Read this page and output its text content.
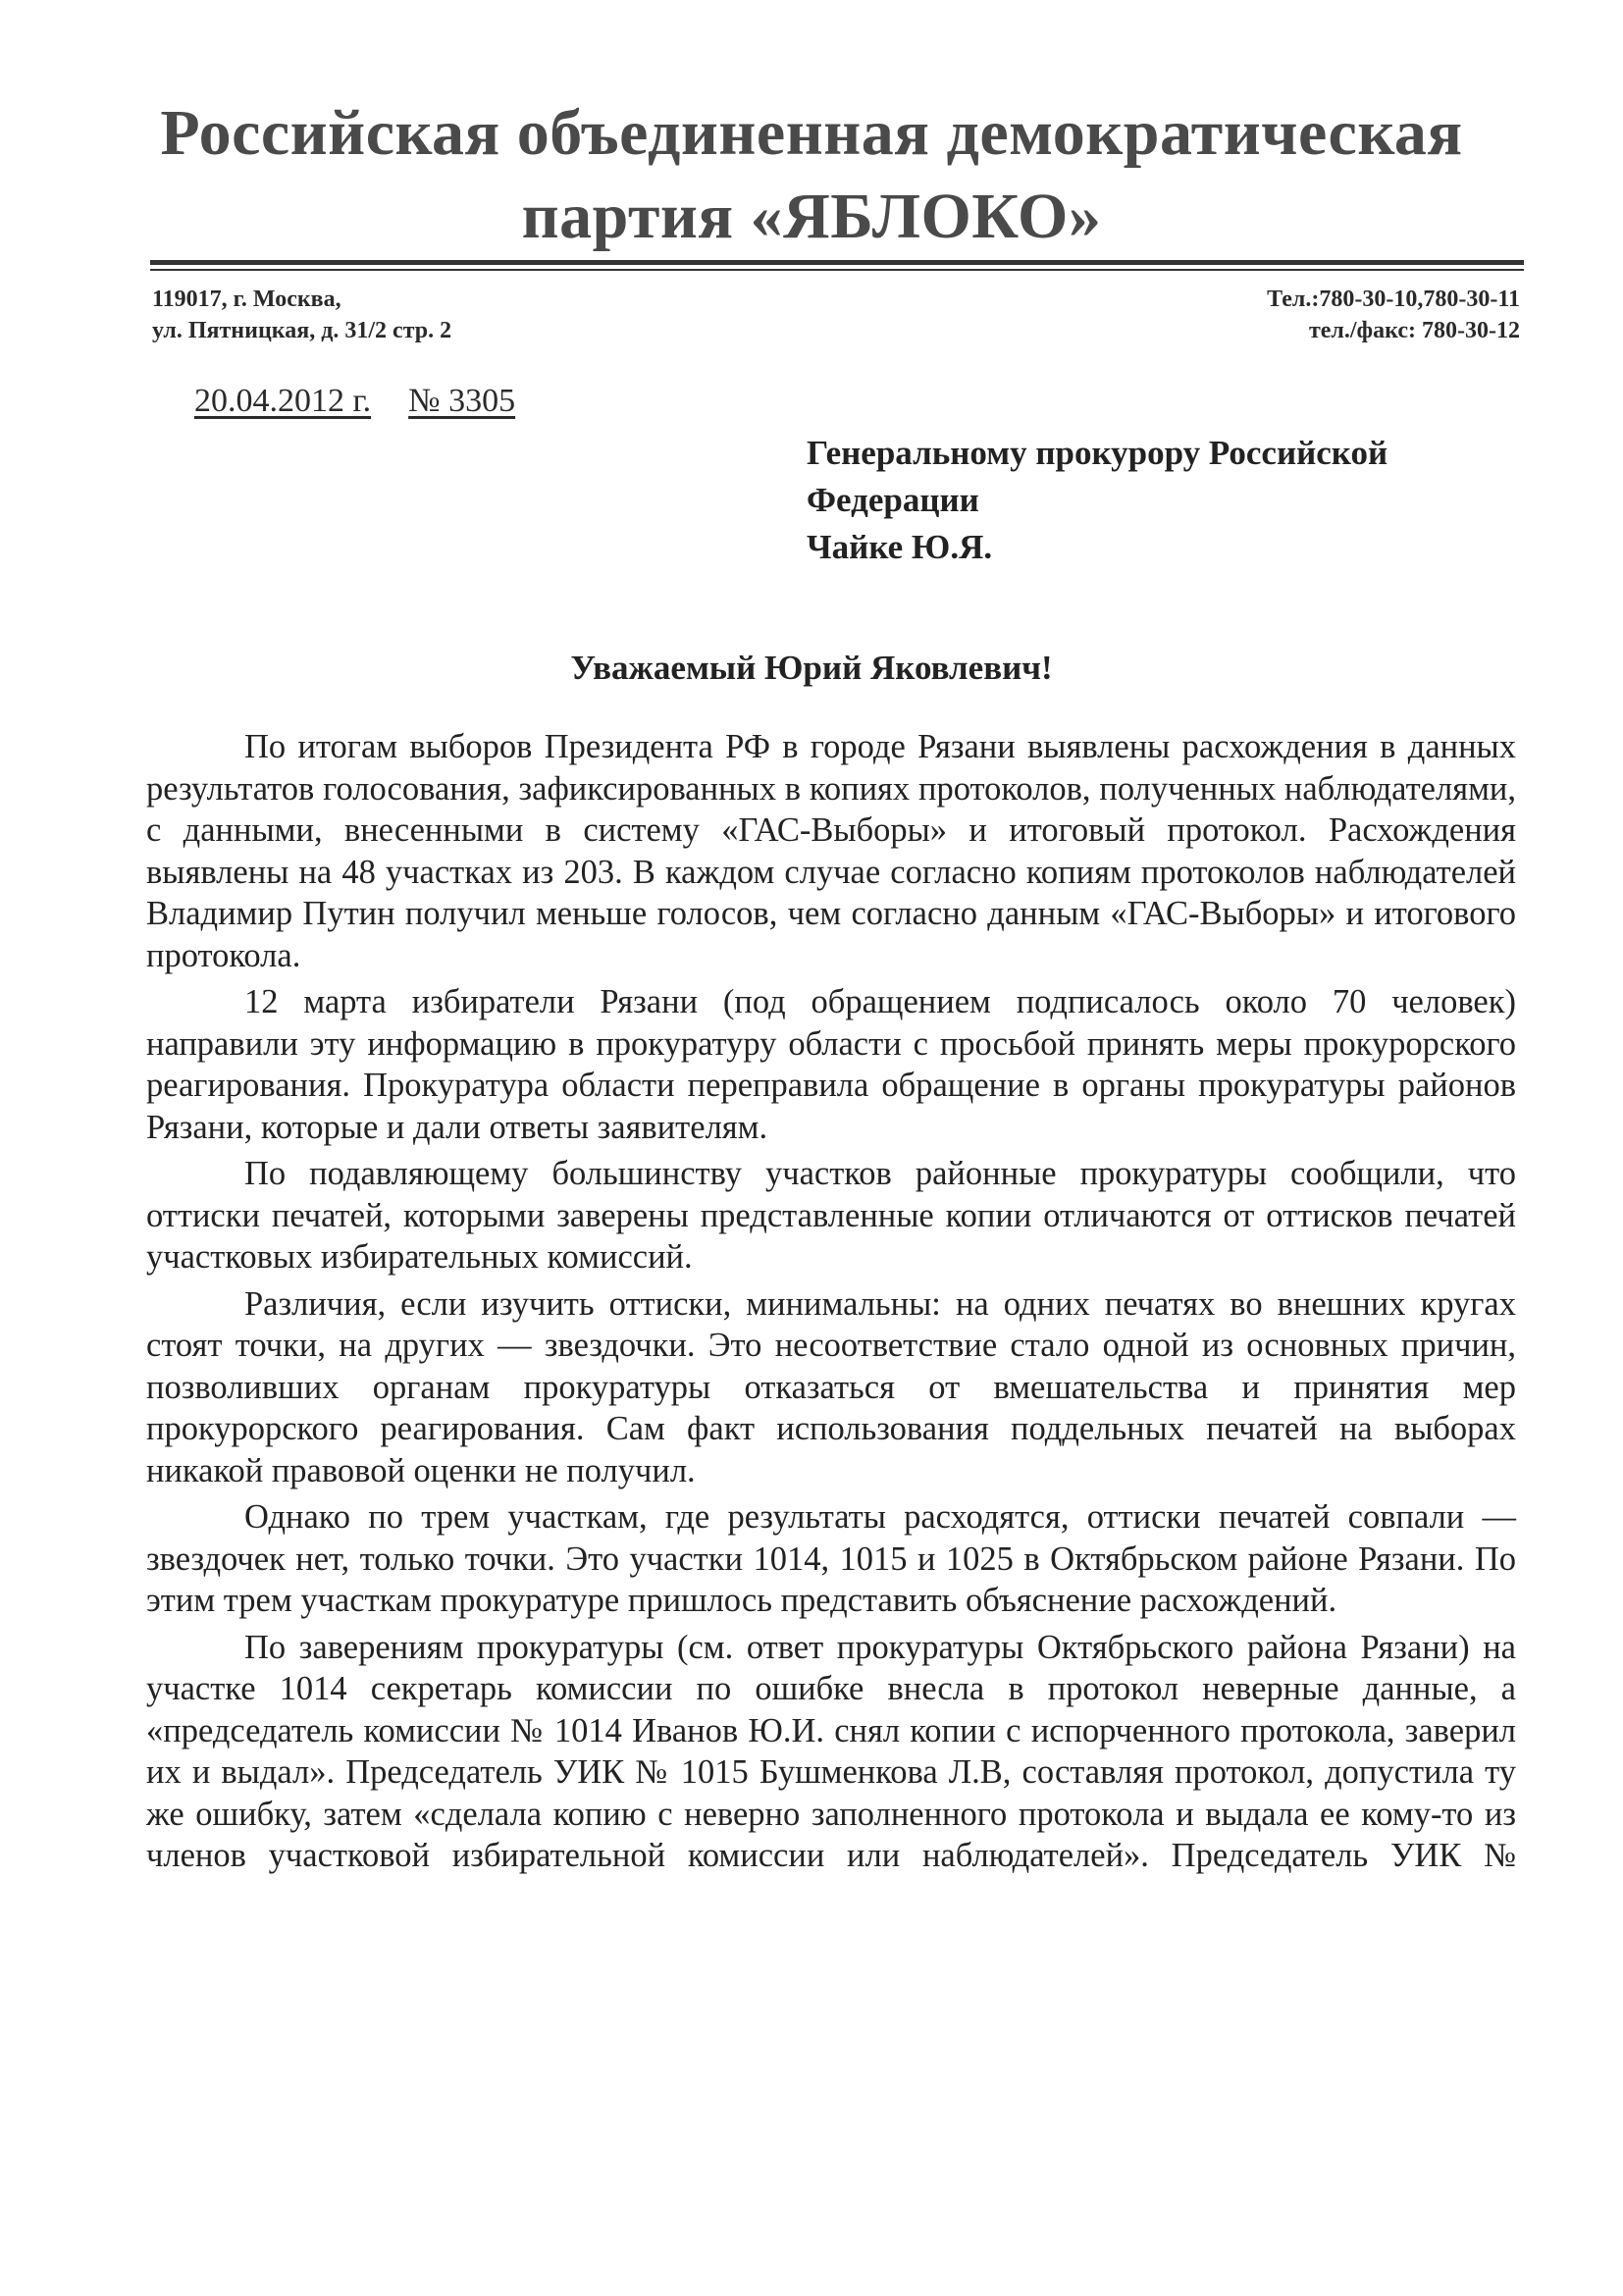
Российская объединенная демократическая
партия «ЯБЛОКО»
119017, г. Москва,
ул. Пятницкая, д. 31/2 стр. 2
Тел.:780-30-10,780-30-11
тел./факс: 780-30-12
20.04.2012 г. № 3305
Генеральному прокурору Российской
Федерации
Чайке Ю.Я.
Уважаемый Юрий Яковлевич!

По итогам выборов Президента РФ в городе Рязани выявлены расхождения в данных результатов голосования, зафиксированных в копиях протоколов, полученных наблюдателями, с данными, внесенными в систему «ГАС-Выборы» и итоговый протокол. Расхождения выявлены на 48 участках из 203. В каждом случае согласно копиям протоколов наблюдателей Владимир Путин получил меньше голосов, чем согласно данным «ГАС-Выборы» и итогового протокола.

12 марта избиратели Рязани (под обращением подписалось около 70 человек) направили эту информацию в прокуратуру области с просьбой принять меры прокурорского реагирования. Прокуратура области переправила обращение в органы прокуратуры районов Рязани, которые и дали ответы заявителям.

По подавляющему большинству участков районные прокуратуры сообщили, что оттиски печатей, которыми заверены представленные копии отличаются от оттисков печатей участковых избирательных комиссий.

Различия, если изучить оттиски, минимальны: на одних печатях во внешних кругах стоят точки, на других — звездочки. Это несоответствие стало одной из основных причин, позволивших органам прокуратуры отказаться от вмешательства и принятия мер прокурорского реагирования. Сам факт использования поддельных печатей на выборах никакой правовой оценки не получил.

Однако по трем участкам, где результаты расходятся, оттиски печатей совпали — звездочек нет, только точки. Это участки 1014, 1015 и 1025 в Октябрьском районе Рязани. По этим трем участкам прокуратуре пришлось представить объяснение расхождений.

По заверениям прокуратуры (см. ответ прокуратуры Октябрьского района Рязани) на участке 1014 секретарь комиссии по ошибке внесла в протокол неверные данные, а «председатель комиссии № 1014 Иванов Ю.И. снял копии с испорченного протокола, заверил их и выдал». Председатель УИК № 1015 Бушменкова Л.В, составляя протокол, допустила ту же ошибку, затем «сделала копию с неверно заполненного протокола и выдала ее кому-то из членов участковой избирательной комиссии или наблюдателей». Председатель УИК №
